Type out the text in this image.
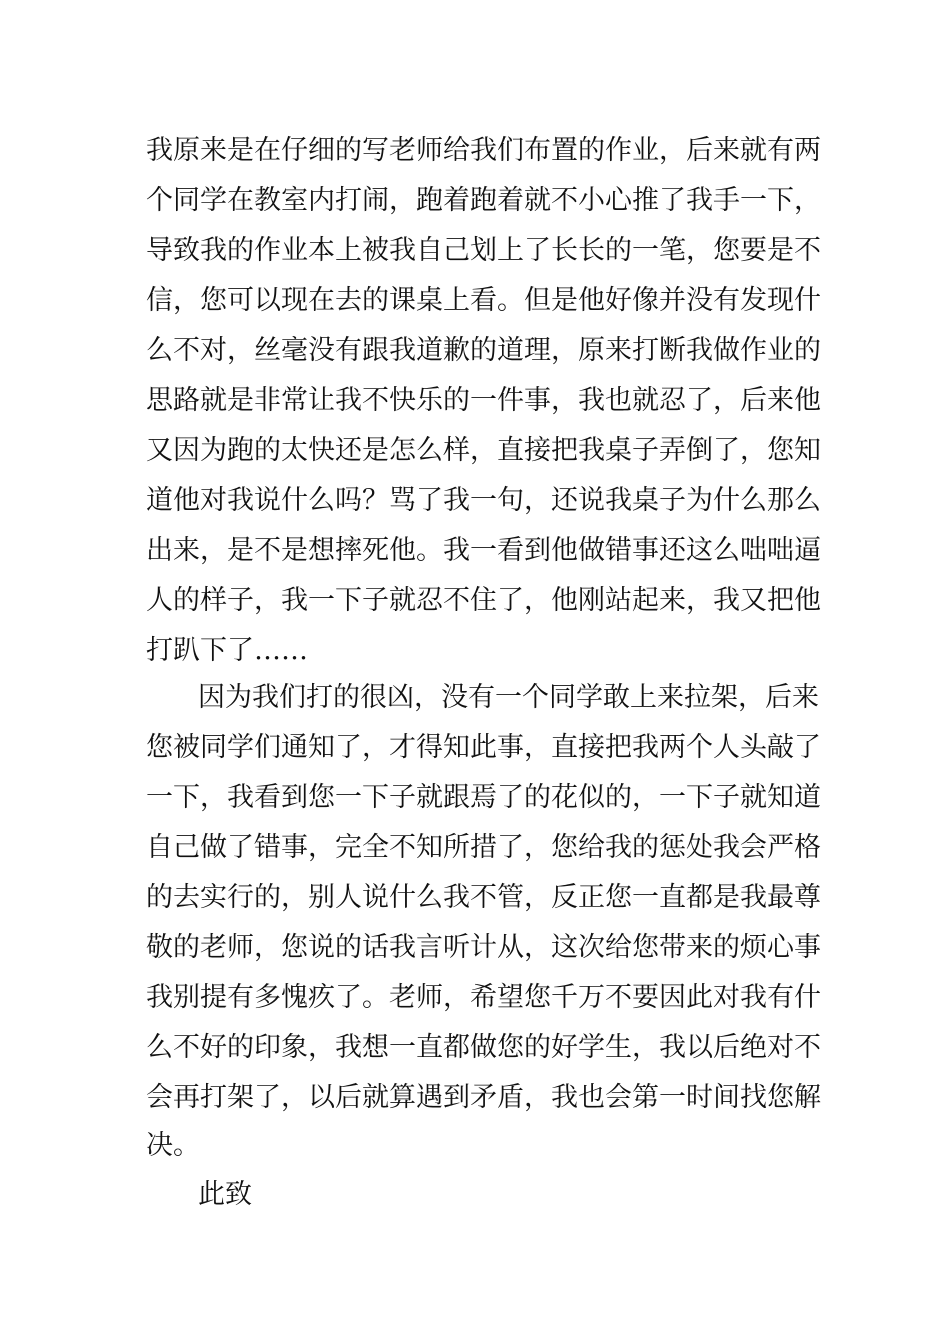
我原来是在仔细的写老师给我们布置的作业，后来就有两
个同学在教室内打闹，跑着跑着就不小心推了我手一下，
导致我的作业本上被我自己划上了长长的一笔，您要是不
信，您可以现在去的课桌上看。但是他好像并没有发现什
么不对，丝毫没有跟我道歉的道理，原来打断我做作业的
思路就是非常让我不快乐的一件事，我也就忍了，后来他
又因为跑的太快还是怎么样，直接把我桌子弄倒了，您知
道他对我说什么吗？骂了我一句，还说我桌子为什么那么
出来，是不是想摔死他。我一看到他做错事还这么咄咄逼
人的样子，我一下子就忍不住了，他刚站起来，我又把他
打趴下了……
因为我们打的很凶，没有一个同学敢上来拉架，后来
您被同学们通知了，才得知此事，直接把我两个人头敲了
一下，我看到您一下子就跟焉了的花似的，一下子就知道
自己做了错事，完全不知所措了，您给我的惩处我会严格
的去实行的，别人说什么我不管，反正您一直都是我最尊
敬的老师，您说的话我言听计从，这次给您带来的烦心事
我别提有多愧疚了。老师，希望您千万不要因此对我有什
么不好的印象，我想一直都做您的好学生，我以后绝对不
会再打架了，以后就算遇到矛盾，我也会第一时间找您解
决。
此致
